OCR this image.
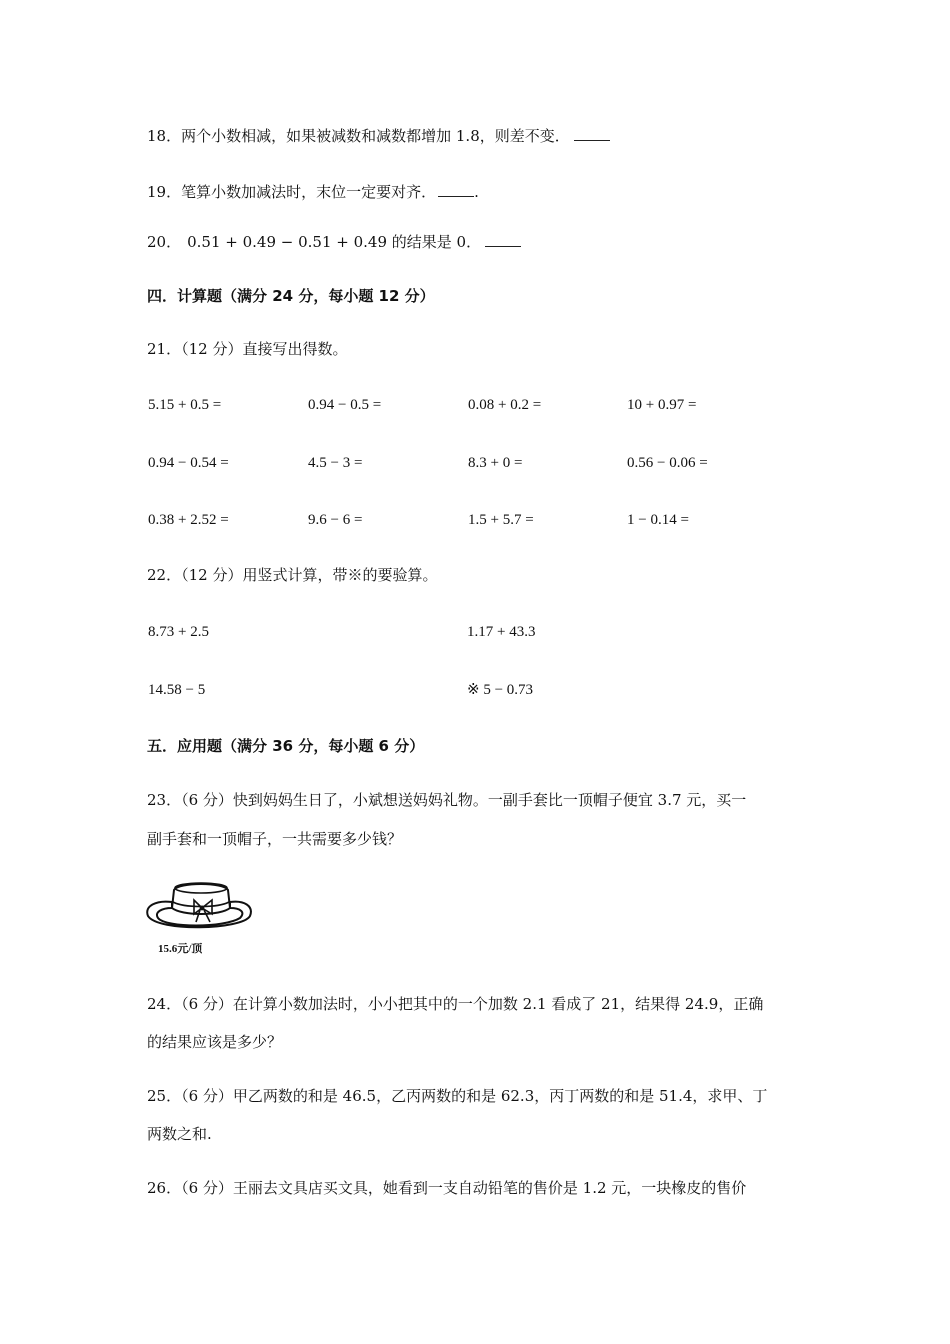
18．两个小数相减，如果被减数和减数都增加 1.8，则差不变．
19．笔算小数加减法时，末位一定要对齐．	.
20． 0.51 + 0.49 − 0.51 + 0.49 的结果是 0．
四．计算题（满分 24 分，每小题 12 分）
21．（12 分）直接写出得数。
5.15 + 0.5 =	0.94 − 0.5 =	0.08 + 0.2 =	10 + 0.97 =
0.94 − 0.54 =	4.5 − 3 =	8.3 + 0 =	0.56 − 0.06 =
0.38 + 2.52 =	9.6 − 6 =	1.5 + 5.7 =	1 − 0.14 =
22．（12 分）用竖式计算，带※的要验算。
8.73 + 2.5	1.17 + 43.3
14.58 − 5	※ 5 − 0.73
五．应用题（满分 36 分，每小题 6 分）
23．（6 分）快到妈妈生日了，小斌想送妈妈礼物。一副手套比一顶帽子便宜 3.7 元，买一
副手套和一顶帽子，一共需要多少钱？
15.6元/顶
24．（6 分）在计算小数加法时，小小把其中的一个加数 2.1 看成了 21，结果得 24.9，正确
的结果应该是多少？
25．（6 分）甲乙两数的和是 46.5，乙丙两数的和是 62.3，丙丁两数的和是 51.4，求甲、丁
两数之和.
26．（6 分）王丽去文具店买文具，她看到一支自动铅笔的售价是 1.2 元，一块橡皮的售价
